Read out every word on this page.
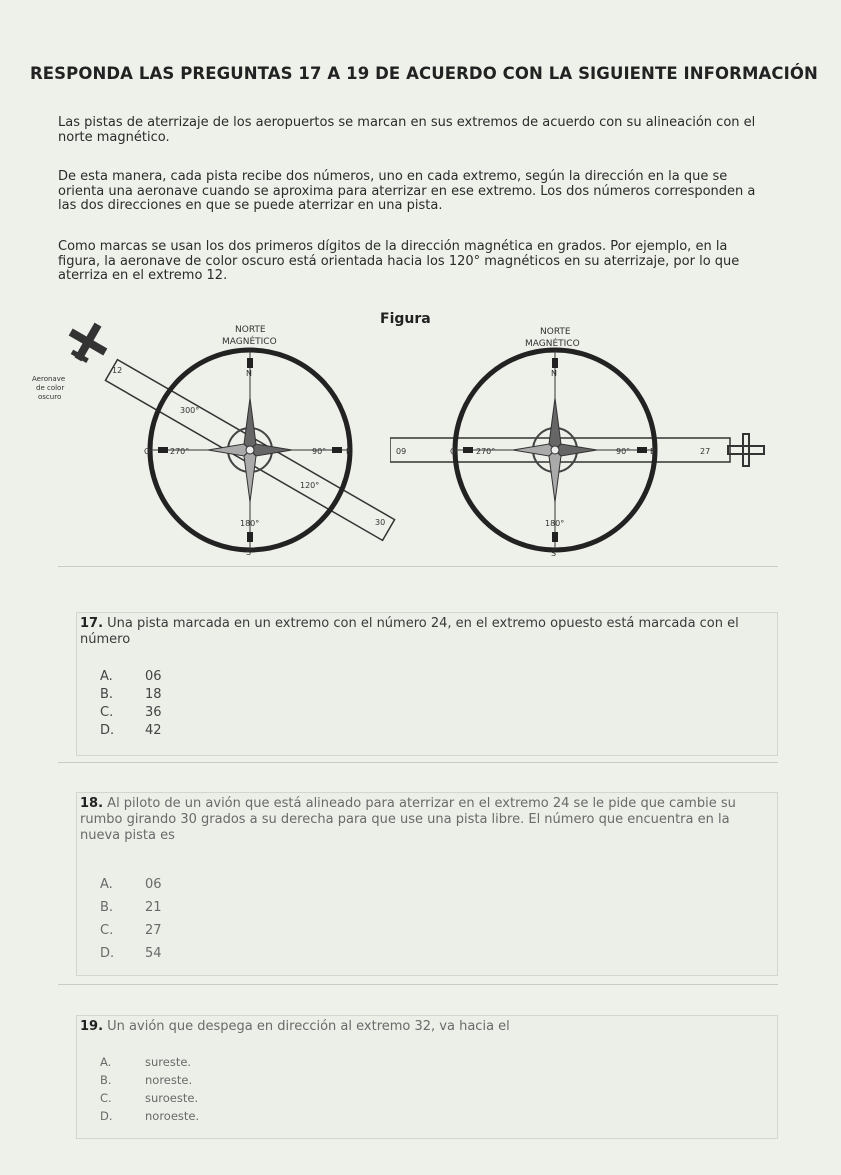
RESPONDA LAS PREGUNTAS 17 A 19 DE ACUERDO CON LA SIGUIENTE INFORMACIÓN
Las pistas de aterrizaje de los aeropuertos se marcan en sus extremos de acuerdo con su alineación con el norte magnético.
De esta manera, cada pista recibe dos números, uno en cada extremo, según la dirección en la que se orienta una aeronave cuando se aproxima para aterrizar en ese extremo. Los dos números corresponden a las dos direcciones en que se puede aterrizar en una pista.
Como marcas se usan los dos primeros dígitos de la dirección magnética en grados. Por ejemplo, en la figura, la aeronave de color oscuro está orientada hacia los 120° magnéticos en su aterrizaje, por lo que aterriza en el extremo 12.
Figura
NORTE
MAGNÉTICO
N
S
O	E
300°
270°	90°
120°
180°
12
30
Aeronave
de color
oscuro
NORTE
MAGNÉTICO
N
S
O	E
270°	90°
180°
09	27
17. Una pista marcada en un extremo con el número 24, en el extremo opuesto está marcada con el número
A.	06
B.	18
C.	36
D.	42
18. Al piloto de un avión que está alineado para aterrizar en el extremo 24 se le pide que cambie su rumbo girando 30 grados a su derecha para que use una pista libre. El número que encuentra en la nueva pista es
A.	06
B.	21
C.	27
D.	54
19. Un avión que despega en dirección al extremo 32, va hacia el
A.	sureste.
B.	noreste.
C.	suroeste.
D.	noroeste.
